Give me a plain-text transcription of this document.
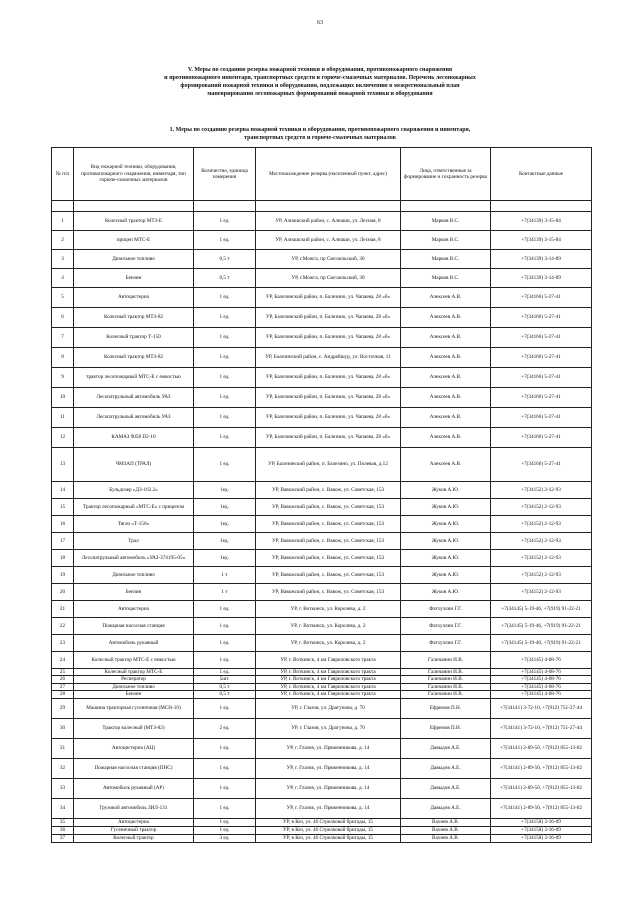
63
V. Меры по созданию резерва пожарной техники и оборудования, противопожарного снаряжения
и противопожарного инвентаря, транспортных средств и горюче-смазочных материалов. Перечень лесопожарных
формирований пожарной техники и оборудования, подлежащих включению в межрегиональный план
маневрирования лесопожарных формирований пожарной техники и оборудования
1. Меры по созданию резерва пожарной техники и оборудования, противопожарного снаряжения и инвентаря,
транспортных средств и горюче-смазочных материалов
№ п/п	Вид пожарной техники, оборудования, противопожарного снаряжения, инвентаря, тип горюче-смазочных материалов	Количество, единица измерения	Местонахождение резерва (населенный пункт, адрес)	Лица, ответственные за формирование и сохранность резерва	Контактные данные

1	Колесный трактор МТЗ-Е	1 ед.	УР, Алнашский район, с. Алнаши, ул. Лесная, 8	Марков В.С.	+7(34139) 3-15-84
2	прицеп МТС-Е	1 ед.	УР, Алнашский район, с. Алнаши, ул. Лесная, 8	Марков В.С.	+7(34139) 3-15-84
3	Дизельное топливо	0,5 т	УР, г.Можга, пр Сюгаильский, 30	Марков В.С.	+7(34139) 3-14-89
4	Бензин	0,5 т	УР, г.Можга, пр Сюгаильский, 30	Марков В.С.	+7(34139) 3-14-89
5	Автоцистерна	1 ед.	УР, Балезинский район, п. Балезино, ул. Чапаева, 28 «б»	Алексеев А.В.	+7(34166) 5-27-41
6	Колесный трактор МТЗ-82	1 ед.	УР, Балезинский район, п. Балезино, ул. Чапаева, 28 «б»	Алексеев А.В.	+7(34166) 5-27-41
7	Колесный трактор Т-150	1 ед.	УР, Балезинский район, п. Балезино, ул. Чапаева, 28 «б»	Алексеев А.В.	+7(34166) 5-27-41
8	Колесный трактор МТЗ-82	1 ед.	УР, Балезинский район, с. Андрейшур, ул. Восточная, 11	Алексеев А.В.	+7(34166) 5-27-41
9	трактор лесопожарный МТС-Е с емкостью	1 ед.	УР, Балезинский район, п. Балезино, ул. Чапаева, 28 «б»	Алексеев А.В.	+7(34166) 5-27-41
10	Лесопатрульный автомобиль УАЗ	1 ед.	УР, Балезинский район, п. Балезино, ул. Чапаева, 28 «б»	Алексеев А.В.	+7(34166) 5-27-41
11	Лесопатрульный автомобиль УАЗ	1 ед.	УР, Балезинский район, п. Балезино, ул. Чапаева, 28 «б»	Алексеев А.В.	+7(34166) 5-27-41
12	КАМАЗ 9058 D2-10	1 ед.	УР, Балезинский район, п. Балезино, ул. Чапаева, 28 «б»	Алексеев А.В.	+7(34166) 5-27-41
13	ЧМЗАП (ТРАЛ)	1 ед.	УР, Балезинский район, п. Балезино, ул. Полевая, д.12	Алексеев А.В.	+7(34166) 5-27-41
14	Бульдозер «ДЗ-162.2»	1ед.	УР, Вавожский район, с. Вавож, ул. Советская, 153	Жуков А.Ю.	+7(34152) 2-12-93
15	Трактор лесопожарный «МТС-Е» с прицепом	1ед.	УР, Вавожский район, с. Вавож, ул. Советская, 153	Жуков А.Ю.	+7(34152) 2-12-93
16	Тягач «Т-150»	1ед.	УР, Вавожский район, с. Вавож, ул. Советская, 153	Жуков А.Ю.	+7(34152) 2-12-93
17	Трал	1ед.	УР, Вавожский район, с. Вавож, ул. Советская, 153	Жуков А.Ю.	+7(34152) 2-12-93
18	Лесопатрульный автомобиль «УАЗ-374195-05»	1ед.	УР, Вавожский район, с. Вавож, ул. Советская, 153	Жуков А.Ю.	+7(34152) 2-12-93
19	Дизельное топливо	1 т	УР, Вавожский район, с. Вавож, ул. Советская, 153	Жуков А.Ю.	+7(34152) 2-12-93
20	Бензин	1 т	УР, Вавожский район, с. Вавож, ул. Советская, 153	Жуков А.Ю.	+7(34152) 2-12-93
21	Автоцистерна	1 ед.	УР, г. Воткинск, ул. Королева, д. 2	Фатхуллин Г.Г.	+7(34145) 5-19-46, +7(919) 91-22-21
22	Пожарная насосная станция	1 ед.	УР, г. Воткинск, ул. Королева, д. 2	Фатхуллин Г.Г.	+7(34145) 5-19-46, +7(919) 91-22-21
23	Автомобиль рукавный	1 ед.	УР, г. Воткинск, ул. Королева, д. 2	Фатхуллин Г.Г.	+7(34145) 5-19-46, +7(919) 91-22-21
24	Колесный трактор МТС-Е с емкостью	1 ед.	УР, г. Воткинск, 4 км Гавриловского тракта	Галичанин И.В.	+7(34145) 4-08-76
25	Колесный трактор МТС-Е	1 ед.	УР, г. Воткинск, 4 км Гавриловского тракта	Галичанин И.В.	+7(34145) 4-08-76
26	Респератор	5шт.	УР, г. Воткинск, 4 км Гавриловского тракта	Галичанин И.В.	+7(34145) 4-08-76
27	Дизельное топливо	0,5 т	УР, г. Воткинск, 4 км Гавриловского тракта	Галичанин И.В.	+7(34145) 4-08-76
28	Бензин	0,5 т	УР, г. Воткинск, 4 км Гавриловского тракта	Галичанин И.В.	+7(34145) 4-08-76
29	Машина тракторная гусеничная (МСН-10)	1 ед.	УР, г. Глазов, ул. Драгунова, д. 70	Ефремов П.Н.	+7(34141) 3-72-10, +7(912) 751-27-44
30	Трактор колесный (МТЗ-82)	2 ед.	УР, г. Глазов, ул. Драгунова, д. 70	Ефремов П.Н.	+7(34141) 3-72-10, +7(912) 751-27-44
31	Автоцистерна (АЦ)	1 ед.	УР, г. Глазов, ул. Пряженникова, д. 14	Давыдов А.Е.	+7(34141) 2-89-50, +7(912) 855-13-02
32	Пожарная насосная станция (ПНС)	1 ед.	УР, г. Глазов, ул. Пряженникова, д. 14	Давыдов А.Е.	+7(34141) 2-89-50, +7(912) 855-13-02
33	Автомобиль рукавный (АР)	1 ед.	УР, г. Глазов, ул. Пряженникова, д. 14	Давыдов А.Е.	+7(34141) 2-89-50, +7(912) 855-13-02
34	Грузовой автомобиль ЗИЛ-131	1 ед.	УР, г. Глазов, ул. Пряженникова, д. 14	Давыдов А.Е.	+7(34141) 2-89-50, +7(912) 855-13-02
35	Автоцистерна	1 ед.	УР, в Кез, ул. 46 Стрелковой бригады, 15	Вахнев А.В.	+7(34158) 3-16-09
36	Гусеничный трактор	1 ед.	УР, в Кез, ул. 46 Стрелковой бригады, 15	Вахнев А.В.	+7(34158) 3-16-09
37	Колесный трактор	3 ед.	УР, в Кез, ул. 46 Стрелковой бригады, 15	Вахнев А.В.	+7(34158) 3-16-09
